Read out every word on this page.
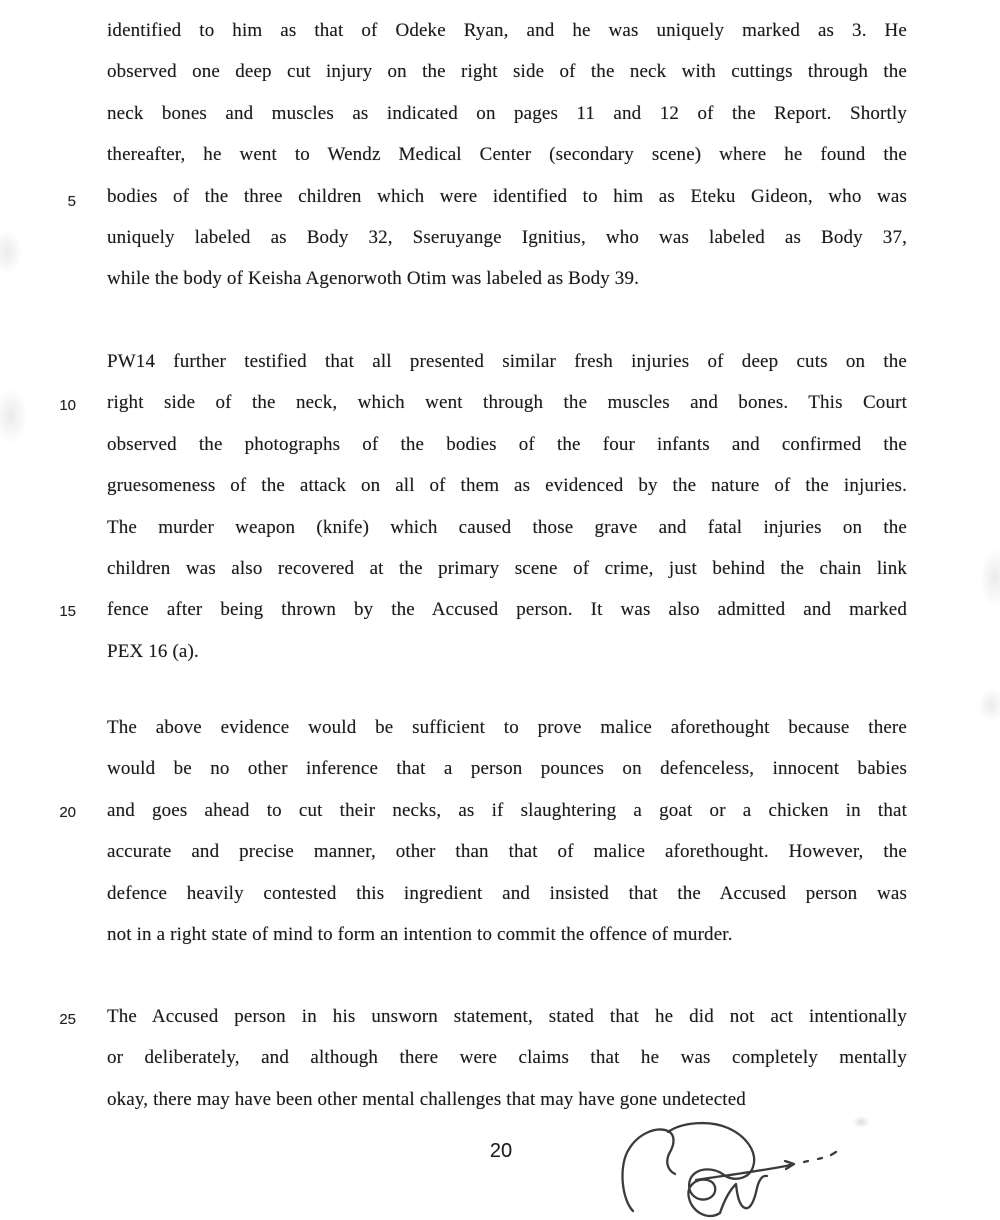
5
10
15
20
25
identified to him as that of Odeke Ryan, and he was uniquely marked as 3. He
observed one deep cut injury on the right side of the neck with cuttings through the
neck bones and muscles as indicated on pages 11 and 12 of the Report. Shortly
thereafter, he went to Wendz Medical Center (secondary scene) where he found the
bodies of the three children which were identified to him as Eteku Gideon, who was
uniquely labeled as Body 32, Sseruyange Ignitius, who was labeled as Body 37,
while the body of Keisha Agenorwoth Otim was labeled as Body 39.
PW14 further testified that all presented similar fresh injuries of deep cuts on the
right side of the neck, which went through the muscles and bones. This Court
observed the photographs of the bodies of the four infants and confirmed the
gruesomeness of the attack on all of them as evidenced by the nature of the injuries.
The murder weapon (knife) which caused those grave and fatal injuries on the
children was also recovered at the primary scene of crime, just behind the chain link
fence after being thrown by the Accused person. It was also admitted and marked
PEX 16 (a).
The above evidence would be sufficient to prove malice aforethought because there
would be no other inference that a person pounces on defenceless, innocent babies
and goes ahead to cut their necks, as if slaughtering a goat or a chicken in that
accurate and precise manner, other than that of malice aforethought. However, the
defence heavily contested this ingredient and insisted that the Accused person was
not in a right state of mind to form an intention to commit the offence of murder.
The Accused person in his unsworn statement, stated that he did not act intentionally
or deliberately, and although there were claims that he was completely mentally
okay, there may have been other mental challenges that may have gone undetected
20
